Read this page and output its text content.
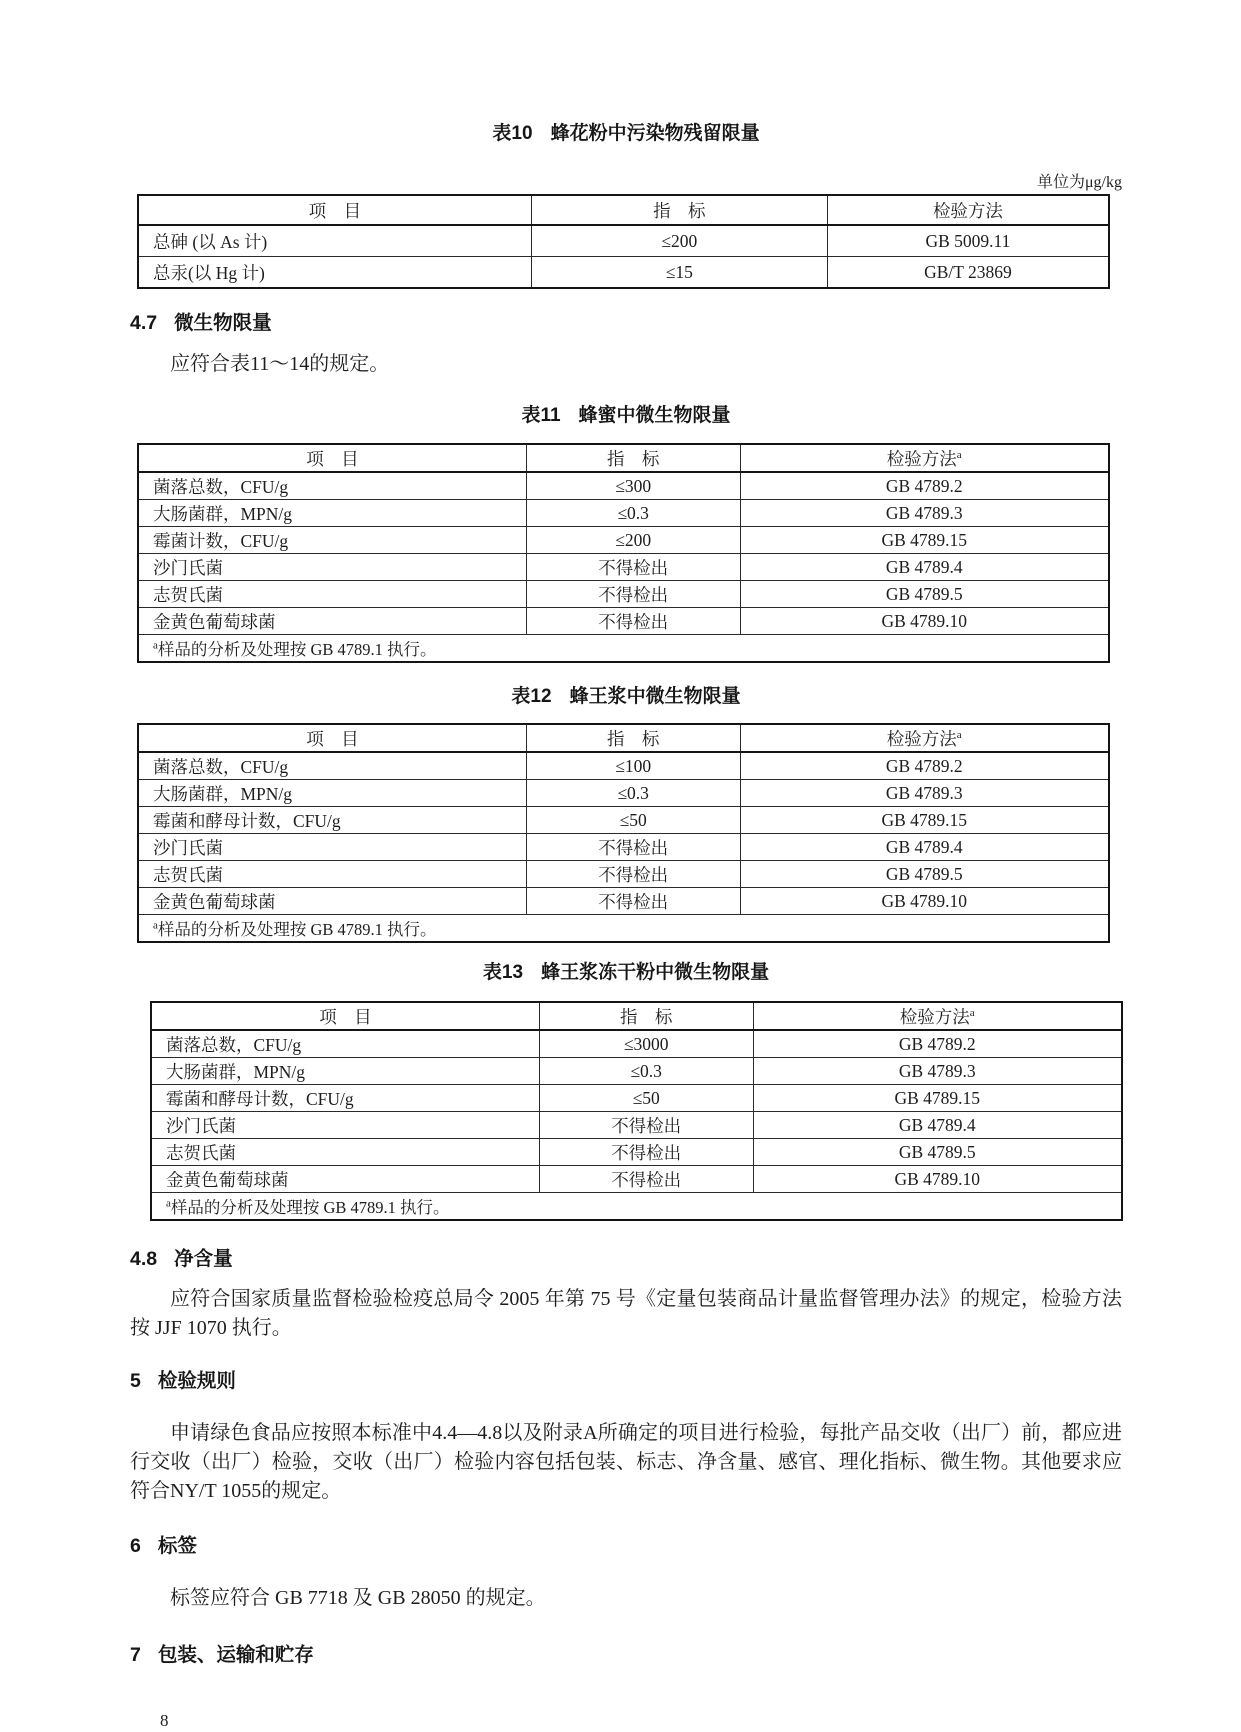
表10 蜂花粉中污染物残留限量
单位为μg/kg
项　目	指　标	检验方法
总砷 (以 As 计)	≤200	GB 5009.11
总汞(以 Hg 计)	≤15	GB/T 23869
4.7 微生物限量
应符合表11～14的规定。
表11 蜂蜜中微生物限量
项　目	指　标	检验方法$^a$
菌落总数，CFU/g	≤300	GB 4789.2
大肠菌群，MPN/g	≤0.3	GB 4789.3
霉菌计数，CFU/g	≤200	GB 4789.15
沙门氏菌	不得检出	GB 4789.4
志贺氏菌	不得检出	GB 4789.5
金黄色葡萄球菌	不得检出	GB 4789.10
$^a$样品的分析及处理按 GB 4789.1 执行。		
表12 蜂王浆中微生物限量
项　目	指　标	检验方法$^a$
菌落总数，CFU/g	≤100	GB 4789.2
大肠菌群，MPN/g	≤0.3	GB 4789.3
霉菌和酵母计数，CFU/g	≤50	GB 4789.15
沙门氏菌	不得检出	GB 4789.4
志贺氏菌	不得检出	GB 4789.5
金黄色葡萄球菌	不得检出	GB 4789.10
$^a$样品的分析及处理按 GB 4789.1 执行。		
表13 蜂王浆冻干粉中微生物限量
项　目	指　标	检验方法$^a$
菌落总数，CFU/g	≤3000	GB 4789.2
大肠菌群，MPN/g	≤0.3	GB 4789.3
霉菌和酵母计数，CFU/g	≤50	GB 4789.15
沙门氏菌	不得检出	GB 4789.4
志贺氏菌	不得检出	GB 4789.5
金黄色葡萄球菌	不得检出	GB 4789.10
$^a$样品的分析及处理按 GB 4789.1 执行。		
4.8 净含量
应符合国家质量监督检验检疫总局令 2005 年第 75 号《定量包装商品计量监督管理办法》的规定，检验方法按 JJF 1070 执行。
5 检验规则
申请绿色食品应按照本标准中4.4—4.8以及附录A所确定的项目进行检验，每批产品交收（出厂）前，都应进行交收（出厂）检验，交收（出厂）检验内容包括包装、标志、净含量、感官、理化指标、微生物。其他要求应符合NY/T 1055的规定。
6 标签
标签应符合 GB 7718 及 GB 28050 的规定。
7 包装、运输和贮存
8
